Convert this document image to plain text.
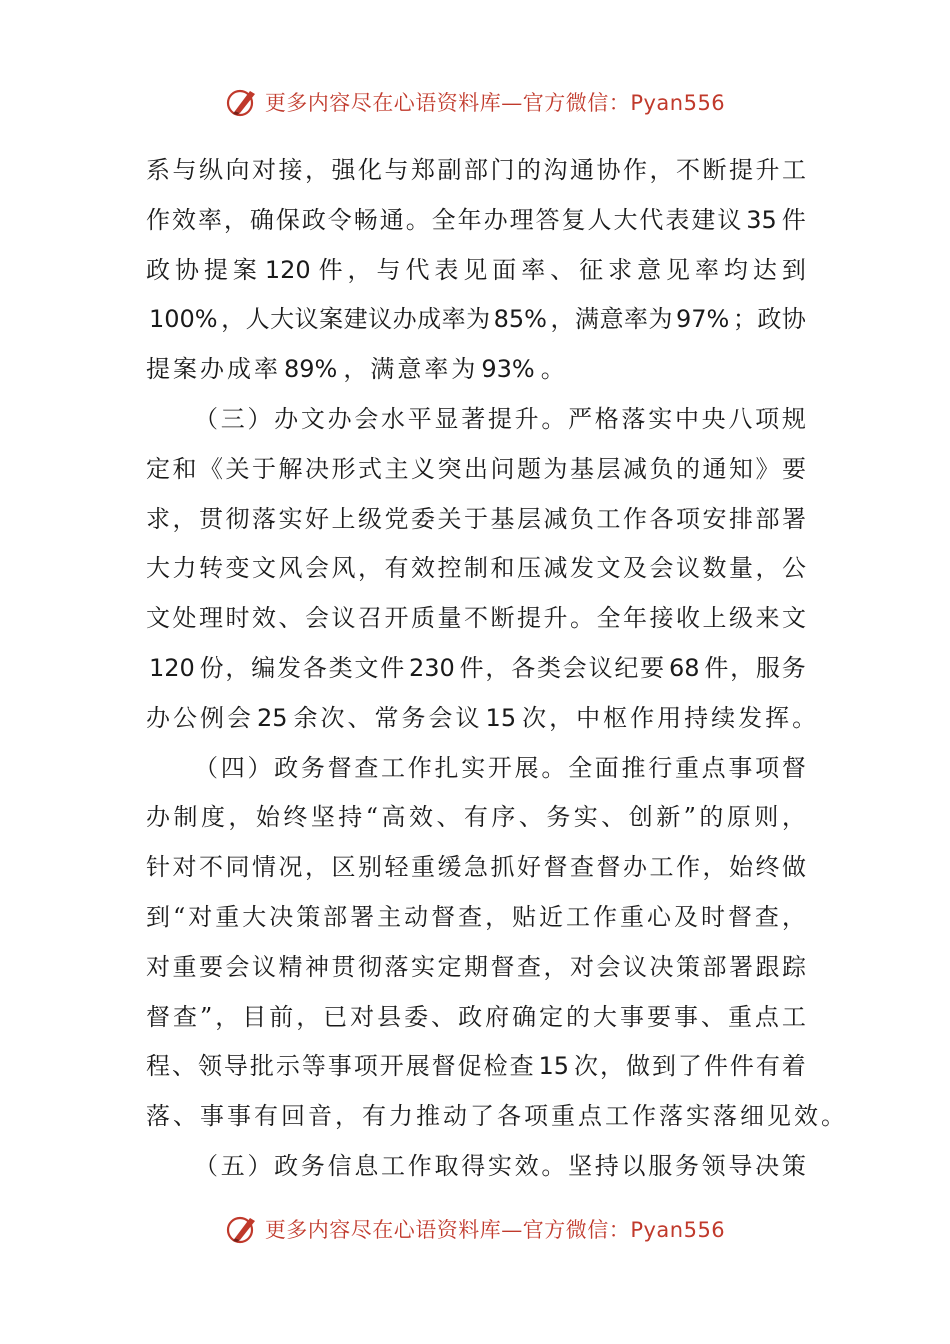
更多内容尽在心语资料库—官方微信：Pyan556
系 与 纵 向 对 接 ， 强 化 与 郑 副 部 门 的 沟 通 协 作 ， 不 断 提 升 工
作 效 率 ， 确 保 政 令 畅 通 。 全 年 办 理 答 复 人 大 代 表 建 议 35 件
政 协 提 案 120 件 ， 与 代 表 见 面 率 、 征 求 意 见 率 均 达 到
100% ， 人 大 议 案 建 议 办 成 率 为 85% ， 满 意 率 为 97% ； 政 协
提 案 办 成 率 89% ， 满 意 率 为 93% 。
（ 三 ） 办 文 办 会 水 平 显 著 提 升 。 严 格 落 实 中 央 八 项 规
定 和 《 关 于 解 决 形 式 主 义 突 出 问 题 为 基 层 减 负 的 通 知 》 要
求 ， 贯 彻 落 实 好 上 级 党 委 关 于 基 层 减 负 工 作 各 项 安 排 部 署
大 力 转 变 文 风 会 风 ， 有 效 控 制 和 压 减 发 文 及 会 议 数 量 ， 公
文 处 理 时 效 、 会 议 召 开 质 量 不 断 提 升 。 全 年 接 收 上 级 来 文
120 份 ， 编 发 各 类 文 件 230 件 ， 各 类 会 议 纪 要 68 件 ， 服 务
办 公 例 会 25 余 次 、 常 务 会 议 15 次 ， 中 枢 作 用 持 续 发 挥 。
（ 四 ） 政 务 督 查 工 作 扎 实 开 展 。 全 面 推 行 重 点 事 项 督
办 制 度 ， 始 终 坚 持 “ 高 效 、 有 序 、 务 实 、 创 新 ” 的 原 则 ，
针 对 不 同 情 况 ， 区 别 轻 重 缓 急 抓 好 督 查 督 办 工 作 ， 始 终 做
到 “ 对 重 大 决 策 部 署 主 动 督 查 ， 贴 近 工 作 重 心 及 时 督 查 ，
对 重 要 会 议 精 神 贯 彻 落 实 定 期 督 查 ， 对 会 议 决 策 部 署 跟 踪
督 查 ” ， 目 前 ， 已 对 县 委 、 政 府 确 定 的 大 事 要 事 、 重 点 工
程 、 领 导 批 示 等 事 项 开 展 督 促 检 查 15 次 ， 做 到 了 件 件 有 着
落 、 事 事 有 回 音 ， 有 力 推 动 了 各 项 重 点 工 作 落 实 落 细 见 效 。
（ 五 ） 政 务 信 息 工 作 取 得 实 效 。 坚 持 以 服 务 领 导 决 策
更多内容尽在心语资料库—官方微信：Pyan556
